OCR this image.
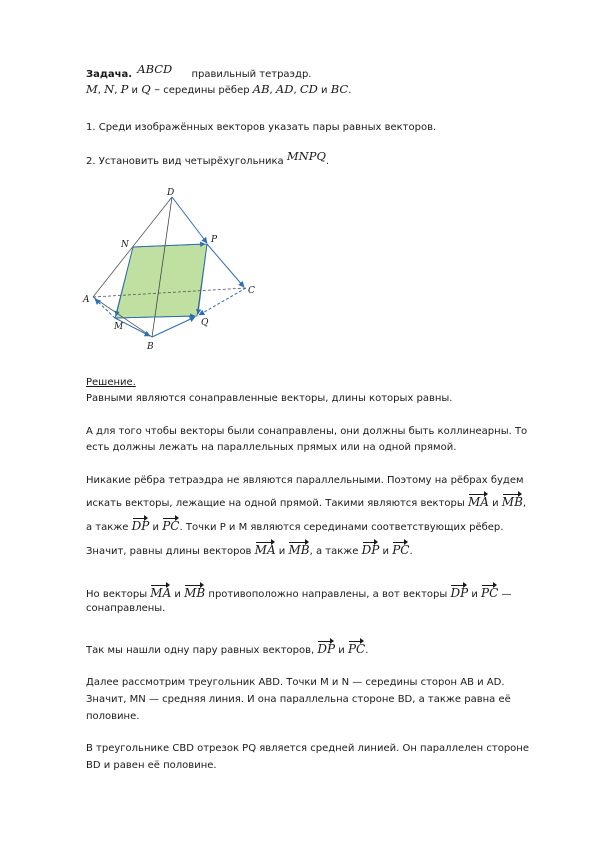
Задача. ABCD правильный тетраэдр.
M, N, P и Q – середины рёбер AB, AD, CD и BC.
1. Среди изображённых векторов указать пары равных векторов.
2. Установить вид четырёхугольника MNPQ.
D
N	P
A
C
M	Q
B
Решение.
Равными являются сонаправленные векторы, длины которых равны.
А для того чтобы векторы были сонаправлены, они должны быть коллинеарны. То
есть должны лежать на параллельных прямых или на одной прямой.
Никакие рёбра тетраэдра не являются параллельными. Поэтому на рёбрах будем
искать векторы, лежащие на одной прямой. Такими являются векторы MA и MB,
а также DP и PC. Точки P и M являются серединами соответствующих рёбер.
Значит, равны длины векторов MA и MB, а также DP и PC.
Но векторы MA и MB противоположно направлены, а вот векторы DP и PC —
сонаправлены.
Так мы нашли одну пару равных векторов, DP и PC.
Далее рассмотрим треугольник ABD. Точки M и N — середины сторон AB и AD.
Значит, MN — средняя линия. И она параллельна стороне BD, а также равна её
половине.
В треугольнике CBD отрезок PQ является средней линией. Он параллелен стороне
BD и равен её половине.
